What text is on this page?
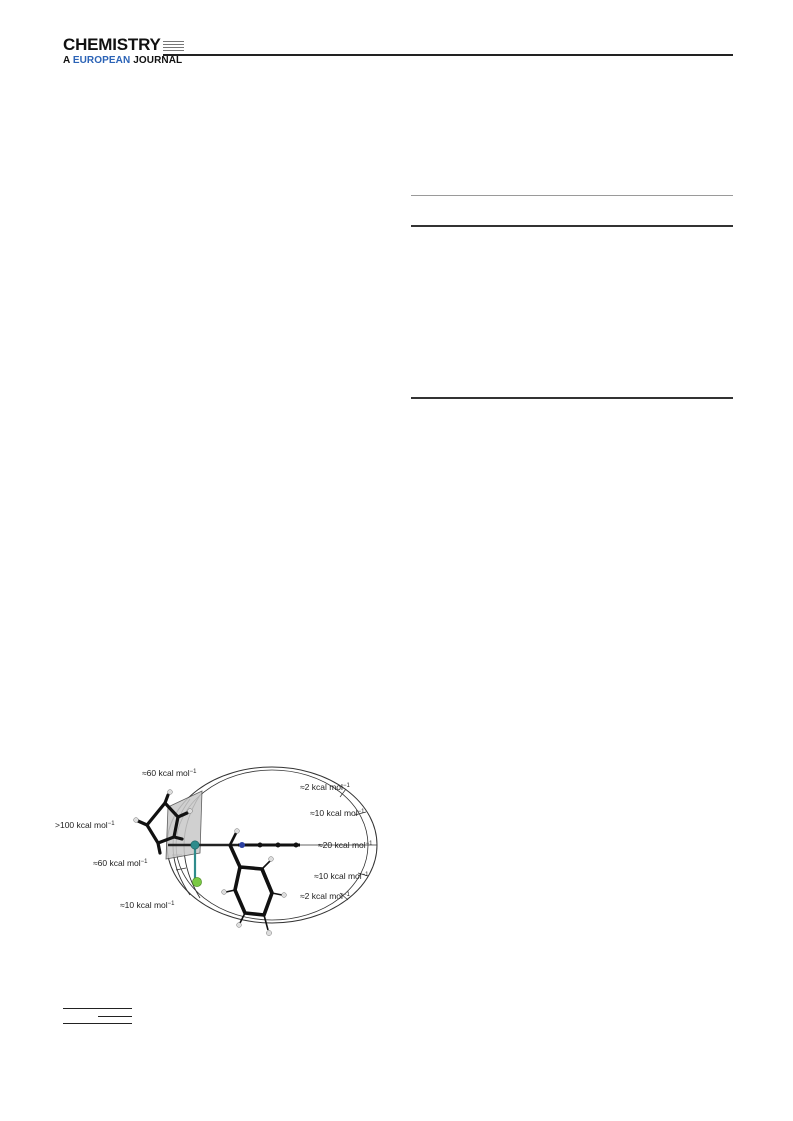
CHEMISTRY
A EUROPEAN JOURNAL
≈60 kcal mol$^{-1}$
>100 kcal mol$^{-1}$
≈60 kcal mol$^{-1}$
≈10 kcal mol$^{-1}$
≈2 kcal mol$^{-1}$
≈10 kcal mol$^{-1}$
≈20 kcal mol$^{-1}$
≈10 kcal mol$^{-1}$
≈2 kcal mol$^{-1}$
